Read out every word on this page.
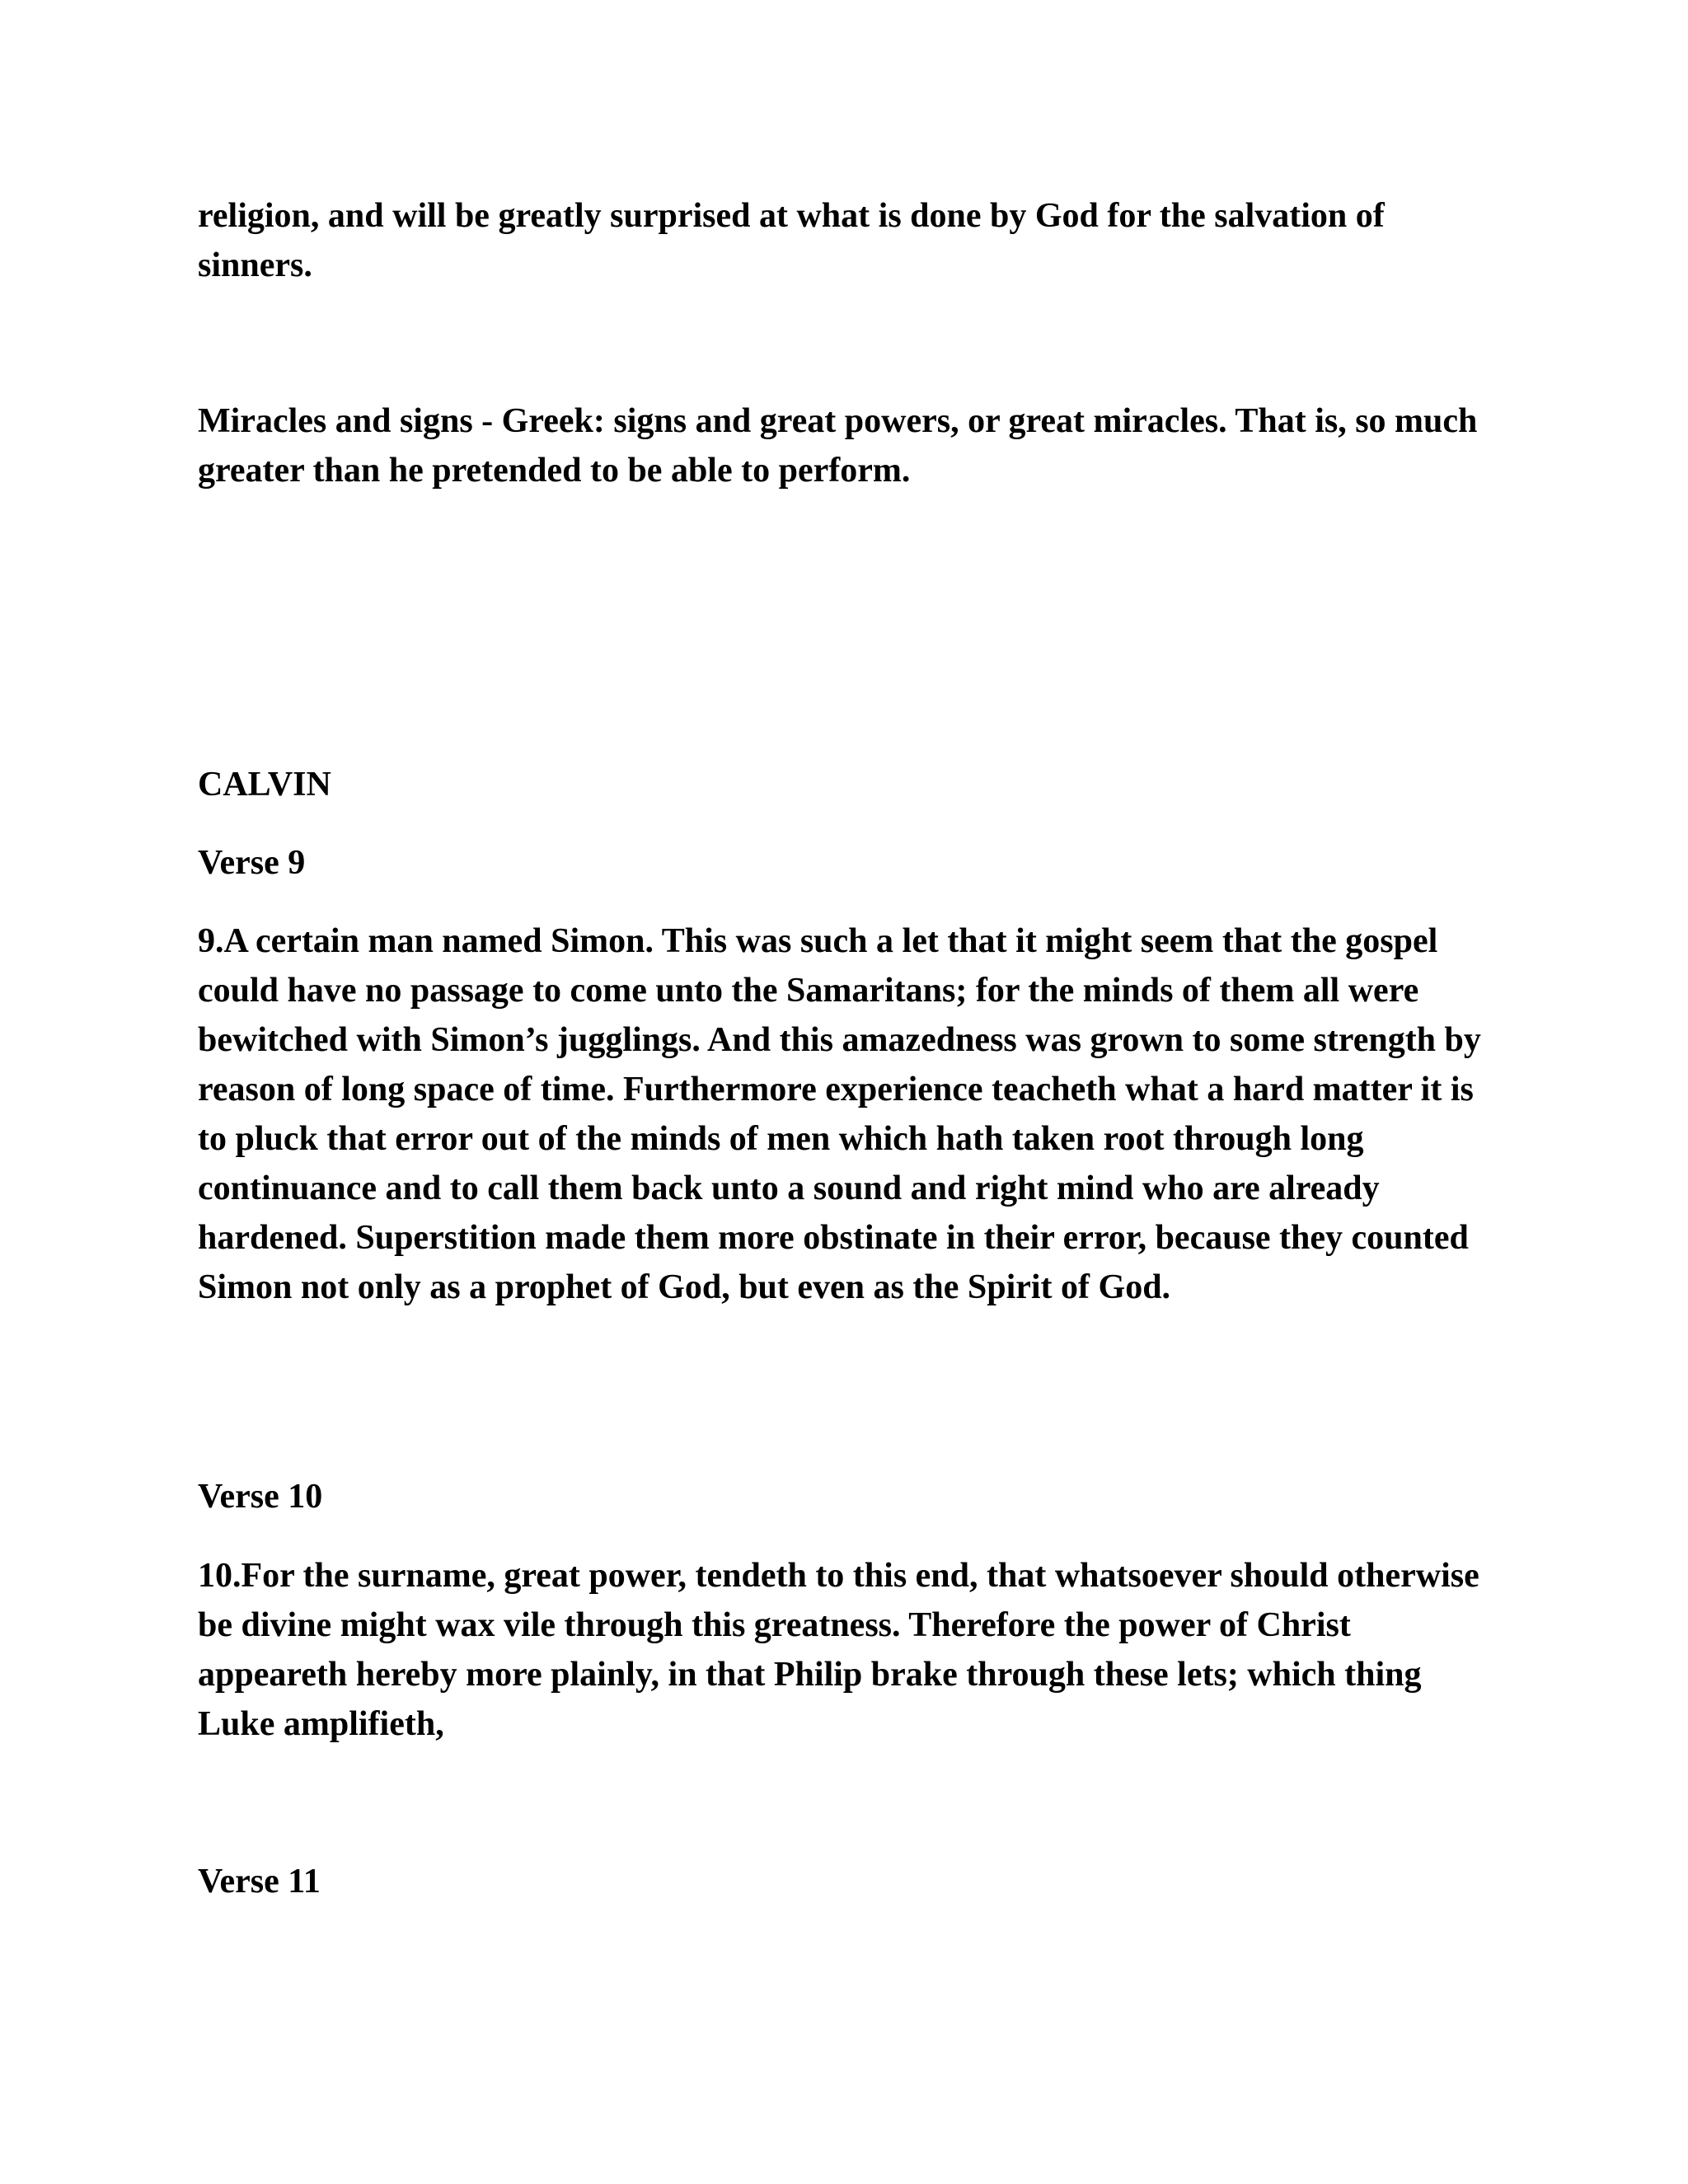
religion, and will be greatly surprised at what is done by God for the salvation of sinners.

Miracles and signs - Greek: signs and great powers, or great miracles. That is, so much greater than he pretended to be able to perform.

CALVIN

Verse 9

9.A certain man named Simon. This was such a let that it might seem that the gospel could have no passage to come unto the Samaritans; for the minds of them all were bewitched with Simon’s jugglings. And this amazedness was grown to some strength by reason of long space of time. Furthermore experience teacheth what a hard matter it is to pluck that error out of the minds of men which hath taken root through long continuance and to call them back unto a sound and right mind who are already hardened. Superstition made them more obstinate in their error, because they counted Simon not only as a prophet of God, but even as the Spirit of God.

Verse 10

10.For the surname, great power, tendeth to this end, that whatsoever should otherwise be divine might wax vile through this greatness. Therefore the power of Christ appeareth hereby more plainly, in that Philip brake through these lets; which thing Luke amplifieth,

Verse 11
